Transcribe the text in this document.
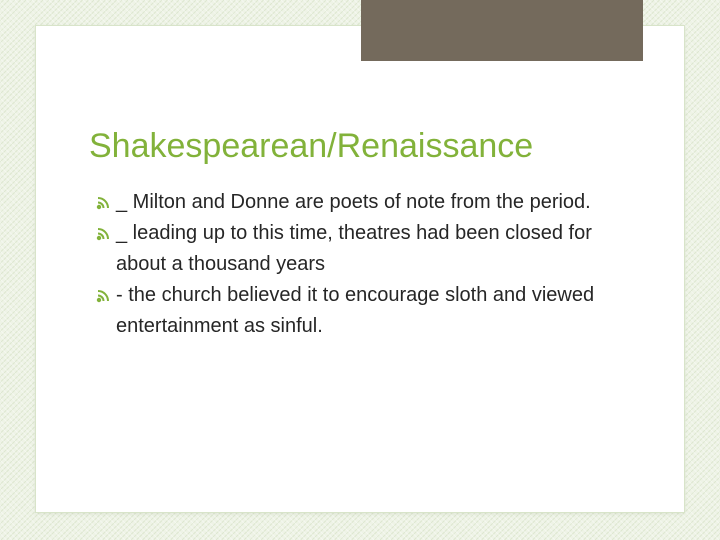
Shakespearean/Renaissance
_ Milton and Donne are poets of note from the period.
_ leading up to this time, theatres had been closed for about a thousand years
- the church believed it to encourage sloth and viewed entertainment as sinful.
